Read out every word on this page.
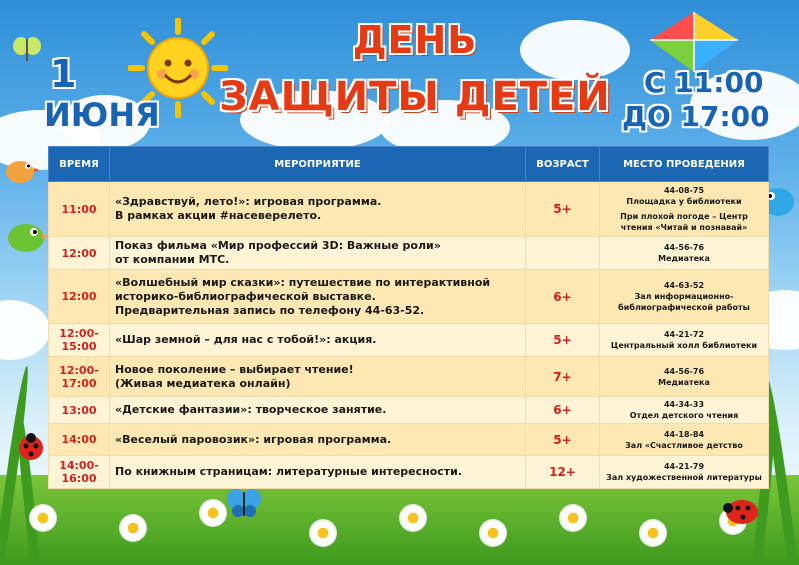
ДЕНЬ
ЗАЩИТЫ ДЕТЕЙ
1
ИЮНЯ
С 11:00
ДО 17:00
ВРЕМЯ	МЕРОПРИЯТИЕ	ВОЗРАСТ	МЕСТО ПРОВЕДЕНИЯ
11:00	«Здравствуй, лето!»: игровая программа.
В рамках акции #насеверелето.	5+	44-08-75
Площадка у библиотеки
При плохой погоде – Центр
чтения «Читай и познавай»

12:00	Показ фильма «Мир профессий 3D: Важные роли»
от компании МТС.		44-56-76
Медиатека

12:00	«Волшебный мир сказки»: путешествие по интерактивной
историко-библиографической выставке.
Предварительная запись по телефону 44-63-52.	6+	44-63-52
Зал информационно-
библиографической работы

12:00-15:00	«Шар земной – для нас с тобой!»: акция.	5+	44-21-72
Центральный холл библиотеки

12:00-17:00	Новое поколение – выбирает чтение!
(Живая медиатека онлайн)	7+	44-56-76
Медиатека

13:00	«Детские фантазии»: творческое занятие.	6+	44-34-33
Отдел детского чтения

14:00	«Веселый паровозик»: игровая программа.	5+	44-18-84
Зал «Счастливое детство

14:00-16:00	По книжным страницам: литературные интересности.	12+	44-21-79
Зал художественной литературы
